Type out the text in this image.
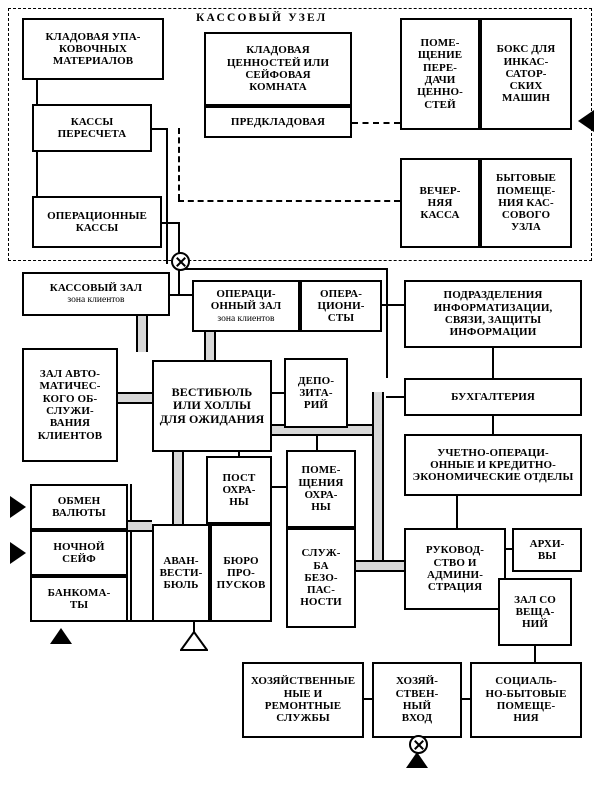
КАССОВЫЙ УЗЕЛ
КЛАДОВАЯ УПА-
КОВОЧНЫХ МАТЕРИАЛОВ
КАССЫ
ПЕРЕСЧЕТА
ОПЕРАЦИОННЫЕ
КАССЫ
КЛАДОВАЯ
ЦЕННОСТЕЙ ИЛИ
СЕЙФОВАЯ
КОМНАТА
ПРЕДКЛАДОВАЯ
ПОМЕ-
ЩЕНИЕ
ПЕРЕ-
ДАЧИ
ЦЕННО-
СТЕЙ
БОКС ДЛЯ
ИНКАС-
САТОР-
СКИХ
МАШИН
ВЕЧЕР-
НЯЯ
КАССА
БЫТОВЫЕ
ПОМЕЩЕ-
НИЯ КАС-
СОВОГО
УЗЛА
КАССОВЫЙ ЗАЛ
зона клиентов
ОПЕРАЦИ-
ОННЫЙ ЗАЛ
зона клиентов
ОПЕРА-
ЦИОНИ-
СТЫ
ПОДРАЗДЕЛЕНИЯ
ИНФОРМАТИЗАЦИИ,
СВЯЗИ, ЗАЩИТЫ
ИНФОРМАЦИИ
ЗАЛ АВТО-
МАТИЧЕС-
КОГО ОБ-
СЛУЖИ-
ВАНИЯ
КЛИЕНТОВ
ВЕСТИБЮЛЬ
ИЛИ ХОЛЛЫ
ДЛЯ ОЖИДАНИЯ
ДЕПО-
ЗИТА-
РИЙ
БУХГАЛТЕРИЯ
УЧЕТНО-ОПЕРАЦИ-
ОННЫЕ И КРЕДИТНО-
ЭКОНОМИЧЕСКИЕ ОТДЕЛЫ
ОБМЕН
ВАЛЮТЫ
НОЧНОЙ
СЕЙФ
БАНКОМА-
ТЫ
ПОСТ
ОХРА-
НЫ
ПОМЕ-
ЩЕНИЯ
ОХРА-
НЫ
АВАН-
ВЕСТИ-
БЮЛЬ
БЮРО
ПРО-
ПУСКОВ
СЛУЖ-
БА
БЕЗО-
ПАС-
НОСТИ
РУКОВОД-
СТВО И
АДМИНИ-
СТРАЦИЯ
АРХИ-
ВЫ
ЗАЛ СО
ВЕЩА-
НИЙ
ХОЗЯЙСТВЕННЫЕ
НЫЕ И
РЕМОНТНЫЕ
СЛУЖБЫ
ХОЗЯЙ-
СТВЕН-
НЫЙ
ВХОД
СОЦИАЛЬ-
НО-БЫТОВЫЕ
ПОМЕЩЕ-
НИЯ
